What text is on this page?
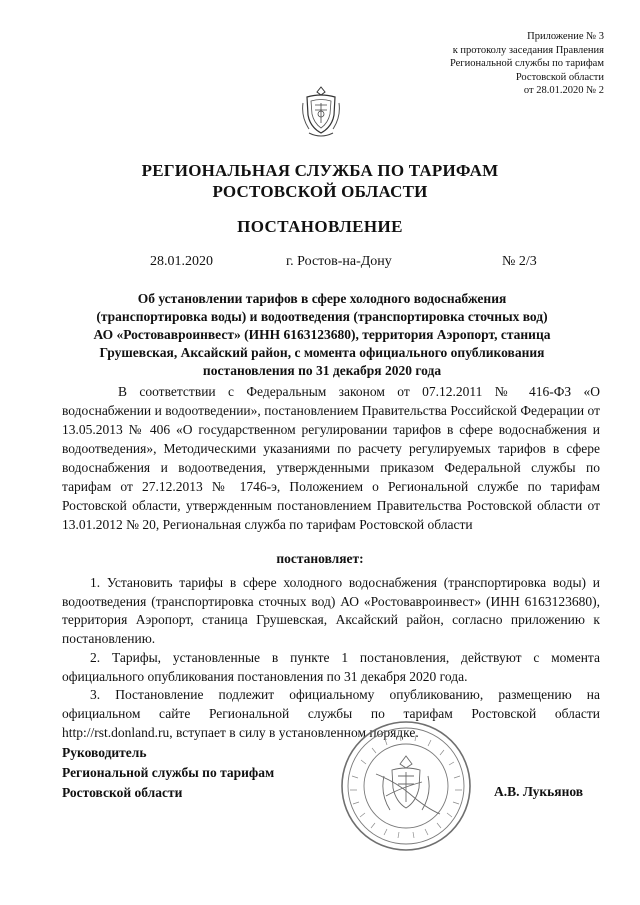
Приложение № 3
к протоколу заседания Правления
Региональной службы по тарифам
Ростовской области
от 28.01.2020 № 2
РЕГИОНАЛЬНАЯ СЛУЖБА ПО ТАРИФАМ
РОСТОВСКОЙ ОБЛАСТИ
ПОСТАНОВЛЕНИЕ
28.01.2020	г. Ростов-на-Дону	№ 2/3
Об установлении тарифов в сфере холодного водоснабжения
(транспортировка воды) и водоотведения (транспортировка сточных вод)
АО «Ростовавроинвест» (ИНН 6163123680), территория Аэропорт, станица
Грушевская, Аксайский район, с момента официального опубликования
постановления по 31 декабря 2020 года

В соответствии с Федеральным законом от 07.12.2011 № 416-ФЗ «О водоснабжении и водоотведении», постановлением Правительства Российской Федерации от 13.05.2013 № 406 «О государственном регулировании тарифов в сфере водоснабжения и водоотведения», Методическими указаниями по расчету регулируемых тарифов в сфере водоснабжения и водоотведения, утвержденными приказом Федеральной службы по тарифам от 27.12.2013 № 1746-э, Положением о Региональной службе по тарифам Ростовской области, утвержденным постановлением Правительства Ростовской области от 13.01.2012 № 20, Региональная служба по тарифам Ростовской области

постановляет:

1. Установить тарифы в сфере холодного водоснабжения (транспортировка воды) и водоотведения (транспортировка сточных вод) АО «Ростовавроинвест» (ИНН 6163123680), территория Аэропорт, станица Грушевская, Аксайский район, согласно приложению к постановлению.

2. Тарифы, установленные в пункте 1 постановления, действуют с момента официального опубликования постановления по 31 декабря 2020 года.

3. Постановление подлежит официальному опубликованию, размещению на официальном сайте Региональной службы по тарифам Ростовской области http://rst.donland.ru, вступает в силу в установленном порядке.

Руководитель
Региональной службы по тарифам
Ростовской области	А.В. Лукьянов
